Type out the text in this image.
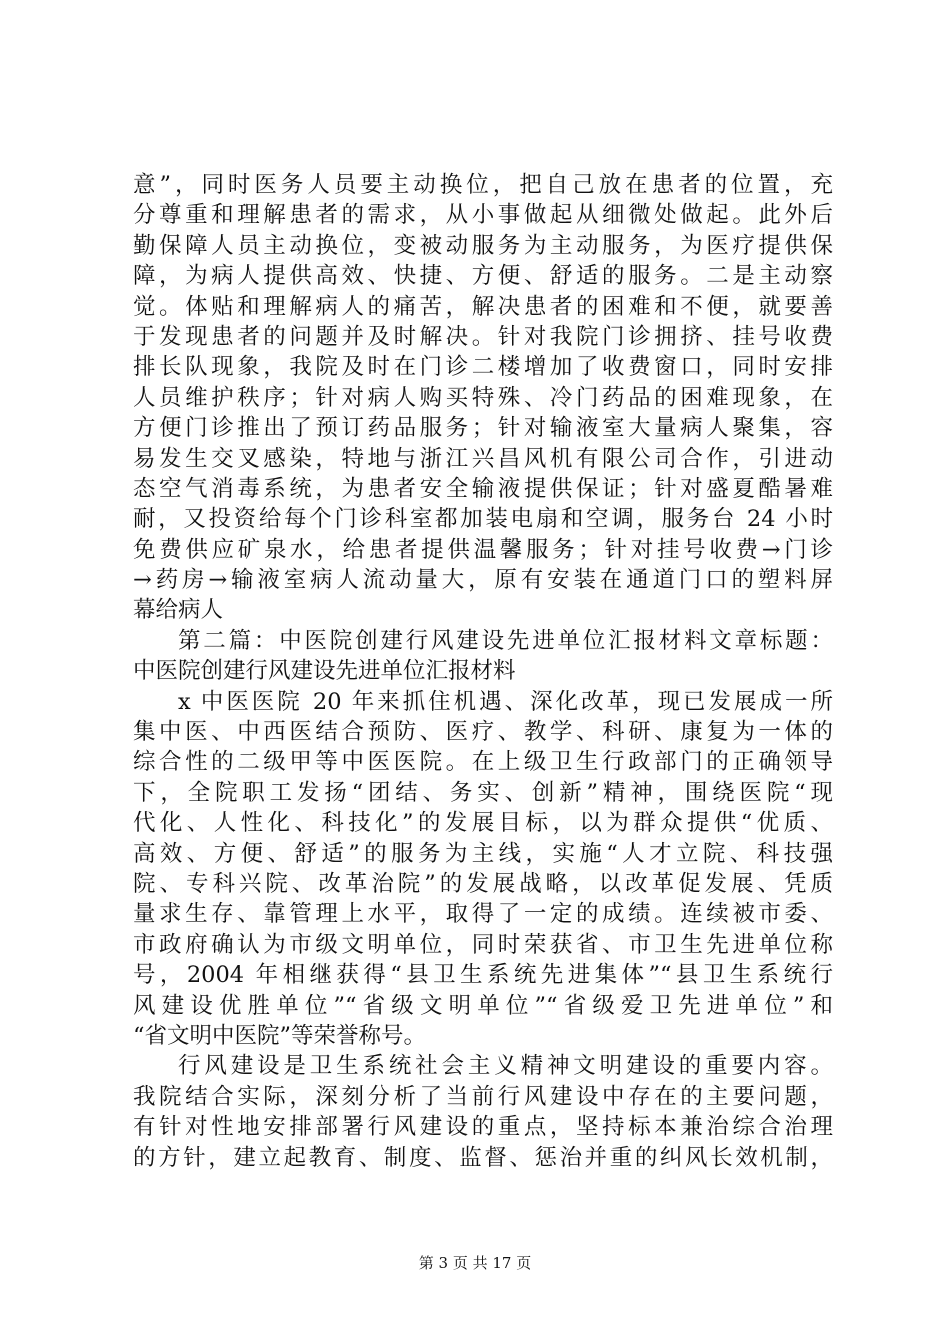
意”，同时医务人员要主动换位，把自己放在患者的位置，充
分尊重和理解患者的需求，从小事做起从细微处做起。此外后
勤保障人员主动换位，变被动服务为主动服务，为医疗提供保
障，为病人提供高效、快捷、方便、舒适的服务。二是主动察
觉。体贴和理解病人的痛苦，解决患者的困难和不便，就要善
于发现患者的问题并及时解决。针对我院门诊拥挤、挂号收费
排长队现象，我院及时在门诊二楼增加了收费窗口，同时安排
人员维护秩序；针对病人购买特殊、冷门药品的困难现象，在
方便门诊推出了预订药品服务；针对输液室大量病人聚集，容
易发生交叉感染，特地与浙江兴昌风机有限公司合作，引进动
态空气消毒系统，为患者安全输液提供保证；针对盛夏酷暑难
耐，又投资给每个门诊科室都加装电扇和空调，服务台 24 小时
免费供应矿泉水，给患者提供温馨服务；针对挂号收费→门诊
→药房→输液室病人流动量大，原有安装在通道门口的塑料屏
幕给病人
第二篇：中医院创建行风建设先进单位汇报材料文章标题：
中医院创建行风建设先进单位汇报材料
x 中医医院 20 年来抓住机遇、深化改革，现已发展成一所
集中医、中西医结合预防、医疗、教学、科研、康复为一体的
综合性的二级甲等中医医院。在上级卫生行政部门的正确领导
下，全院职工发扬“团结、务实、创新”精神，围绕医院“现
代化、人性化、科技化”的发展目标，以为群众提供“优质、
高效、方便、舒适”的服务为主线，实施“人才立院、科技强
院、专科兴院、改革治院”的发展战略，以改革促发展、凭质
量求生存、靠管理上水平，取得了一定的成绩。连续被市委、
市政府确认为市级文明单位，同时荣获省、市卫生先进单位称
号，2004 年相继获得“县卫生系统先进集体”“县卫生系统行
风建设优胜单位”“省级文明单位”“省级爱卫先进单位”和
“省文明中医院”等荣誉称号。
行风建设是卫生系统社会主义精神文明建设的重要内容。
我院结合实际，深刻分析了当前行风建设中存在的主要问题，
有针对性地安排部署行风建设的重点，坚持标本兼治综合治理
的方针，建立起教育、制度、监督、惩治并重的纠风长效机制，
第 3 页 共 17 页
